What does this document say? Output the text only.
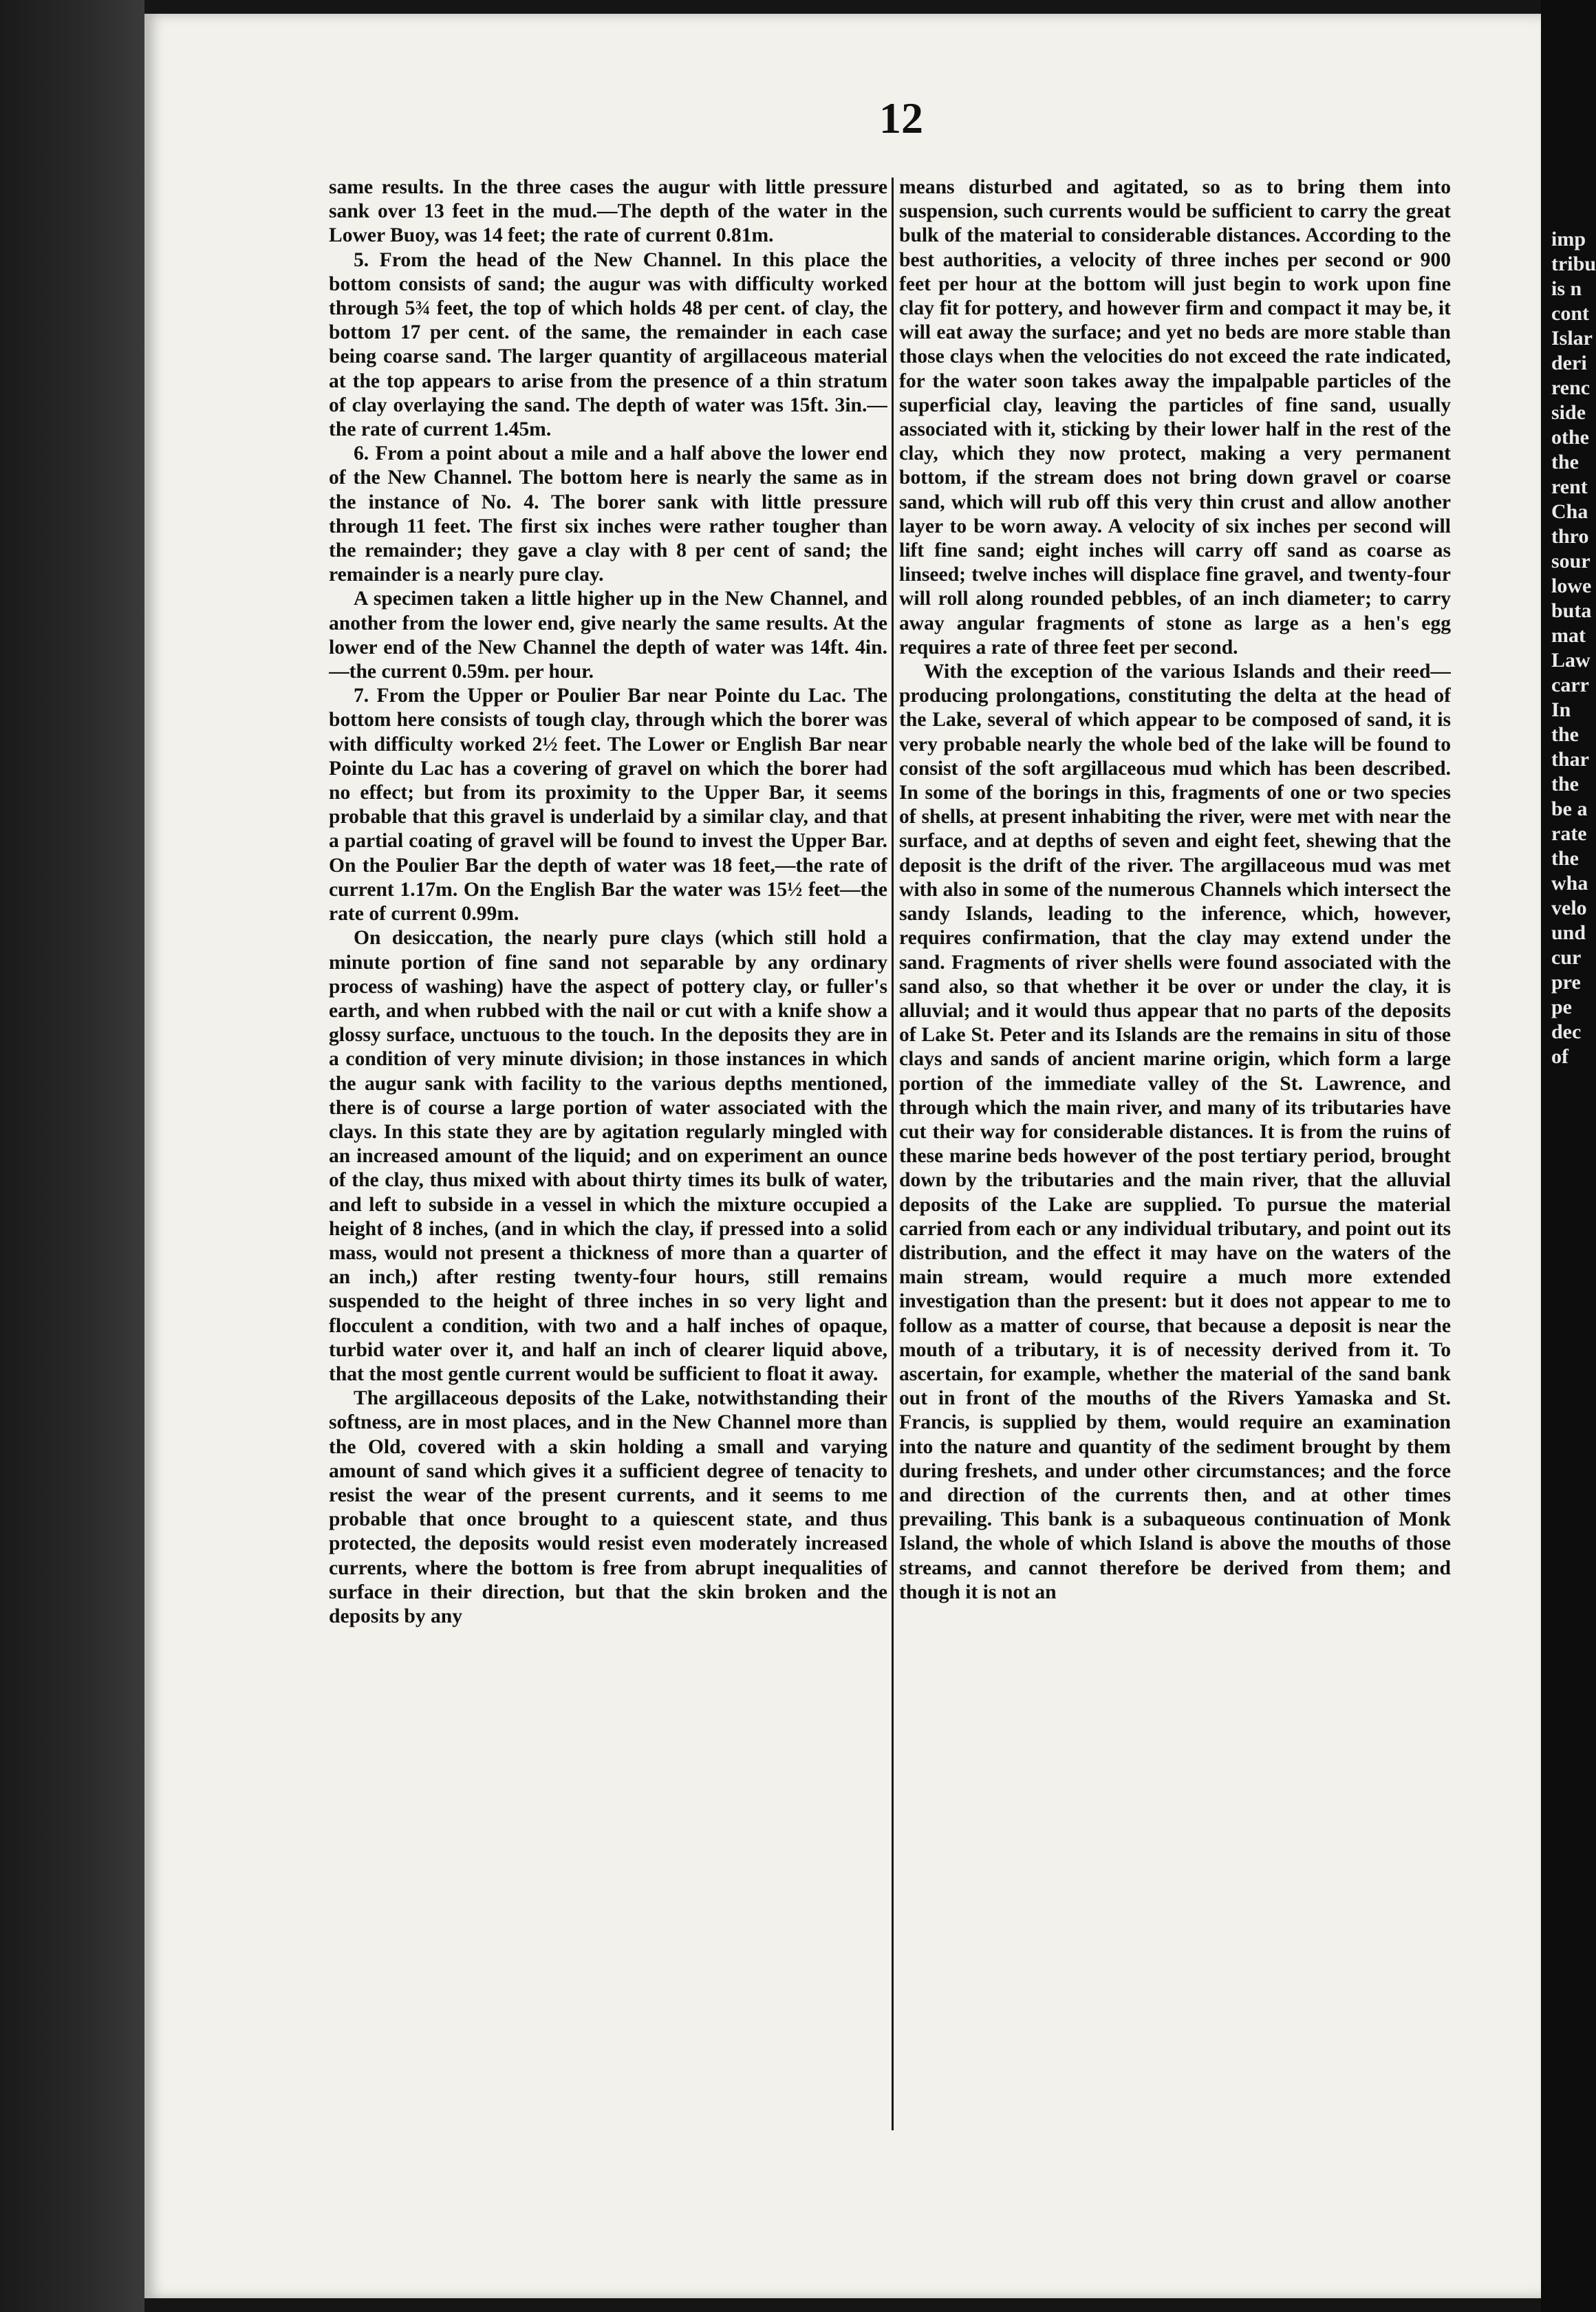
12

same results. In the three cases the augur with little pressure sank over 13 feet in the mud.—The depth of the water in the Lower Buoy, was 14 feet; the rate of current 0.81m.

5. From the head of the New Channel. In this place the bottom consists of sand; the augur was with difficulty worked through 5¾ feet, the top of which holds 48 per cent. of clay, the bottom 17 per cent. of the same, the remainder in each case being coarse sand. The larger quantity of argillaceous material at the top appears to arise from the presence of a thin stratum of clay overlaying the sand. The depth of water was 15ft. 3in.—the rate of current 1.45m.

6. From a point about a mile and a half above the lower end of the New Channel. The bottom here is nearly the same as in the instance of No. 4. The borer sank with little pressure through 11 feet. The first six inches were rather tougher than the remainder; they gave a clay with 8 per cent of sand; the remainder is a nearly pure clay.

A specimen taken a little higher up in the New Channel, and another from the lower end, give nearly the same results. At the lower end of the New Channel the depth of water was 14ft. 4in.—the current 0.59m. per hour.

7. From the Upper or Poulier Bar near Pointe du Lac. The bottom here consists of tough clay, through which the borer was with difficulty worked 2½ feet. The Lower or English Bar near Pointe du Lac has a covering of gravel on which the borer had no effect; but from its proximity to the Upper Bar, it seems probable that this gravel is underlaid by a similar clay, and that a partial coating of gravel will be found to invest the Upper Bar. On the Poulier Bar the depth of water was 18 feet,—the rate of current 1.17m. On the English Bar the water was 15½ feet—the rate of current 0.99m.

On desiccation, the nearly pure clays (which still hold a minute portion of fine sand not separable by any ordinary process of washing) have the aspect of pottery clay, or fuller's earth, and when rubbed with the nail or cut with a knife show a glossy surface, unctuous to the touch. In the deposits they are in a condition of very minute division; in those instances in which the augur sank with facility to the various depths mentioned, there is of course a large portion of water associated with the clays. In this state they are by agitation regularly mingled with an increased amount of the liquid; and on experiment an ounce of the clay, thus mixed with about thirty times its bulk of water, and left to subside in a vessel in which the mixture occupied a height of 8 inches, (and in which the clay, if pressed into a solid mass, would not present a thickness of more than a quarter of an inch,) after resting twenty-four hours, still remains suspended to the height of three inches in so very light and flocculent a condition, with two and a half inches of opaque, turbid water over it, and half an inch of clearer liquid above, that the most gentle current would be sufficient to float it away.

The argillaceous deposits of the Lake, notwithstanding their softness, are in most places, and in the New Channel more than the Old, covered with a skin holding a small and varying amount of sand which gives it a sufficient degree of tenacity to resist the wear of the present currents, and it seems to me probable that once brought to a quiescent state, and thus protected, the deposits would resist even moderately increased currents, where the bottom is free from abrupt inequalities of surface in their direction, but that the skin broken and the deposits by any

means disturbed and agitated, so as to bring them into suspension, such currents would be sufficient to carry the great bulk of the material to considerable distances. According to the best authorities, a velocity of three inches per second or 900 feet per hour at the bottom will just begin to work upon fine clay fit for pottery, and however firm and compact it may be, it will eat away the surface; and yet no beds are more stable than those clays when the velocities do not exceed the rate indicated, for the water soon takes away the impalpable particles of the superficial clay, leaving the particles of fine sand, usually associated with it, sticking by their lower half in the rest of the clay, which they now protect, making a very permanent bottom, if the stream does not bring down gravel or coarse sand, which will rub off this very thin crust and allow another layer to be worn away. A velocity of six inches per second will lift fine sand; eight inches will carry off sand as coarse as linseed; twelve inches will displace fine gravel, and twenty-four will roll along rounded pebbles, of an inch diameter; to carry away angular fragments of stone as large as a hen's egg requires a rate of three feet per second.

With the exception of the various Islands and their reed—producing prolongations, constituting the delta at the head of the Lake, several of which appear to be composed of sand, it is very probable nearly the whole bed of the lake will be found to consist of the soft argillaceous mud which has been described. In some of the borings in this, fragments of one or two species of shells, at present inhabiting the river, were met with near the surface, and at depths of seven and eight feet, shewing that the deposit is the drift of the river. The argillaceous mud was met with also in some of the numerous Channels which intersect the sandy Islands, leading to the inference, which, however, requires confirmation, that the clay may extend under the sand. Fragments of river shells were found associated with the sand also, so that whether it be over or under the clay, it is alluvial; and it would thus appear that no parts of the deposits of Lake St. Peter and its Islands are the remains in situ of those clays and sands of ancient marine origin, which form a large portion of the immediate valley of the St. Lawrence, and through which the main river, and many of its tributaries have cut their way for considerable distances. It is from the ruins of these marine beds however of the post tertiary period, brought down by the tributaries and the main river, that the alluvial deposits of the Lake are supplied. To pursue the material carried from each or any individual tributary, and point out its distribution, and the effect it may have on the waters of the main stream, would require a much more extended investigation than the present: but it does not appear to me to follow as a matter of course, that because a deposit is near the mouth of a tributary, it is of necessity derived from it. To ascertain, for example, whether the material of the sand bank out in front of the mouths of the Rivers Yamaska and St. Francis, is supplied by them, would require an examination into the nature and quantity of the sediment brought by them during freshets, and under other circumstances; and the force and direction of the currents then, and at other times prevailing. This bank is a subaqueous continuation of Monk Island, the whole of which Island is above the mouths of those streams, and cannot therefore be derived from them; and though it is not an

imp
tribu
is n
cont
Islar
deri
renc
side
othe
the
rent
Cha
thro
sour
lowe
buta
mat
Law
carr
In
the
thar
the
be a
rate
the
wha
velo
und
cur
pre
pe
dec
of
